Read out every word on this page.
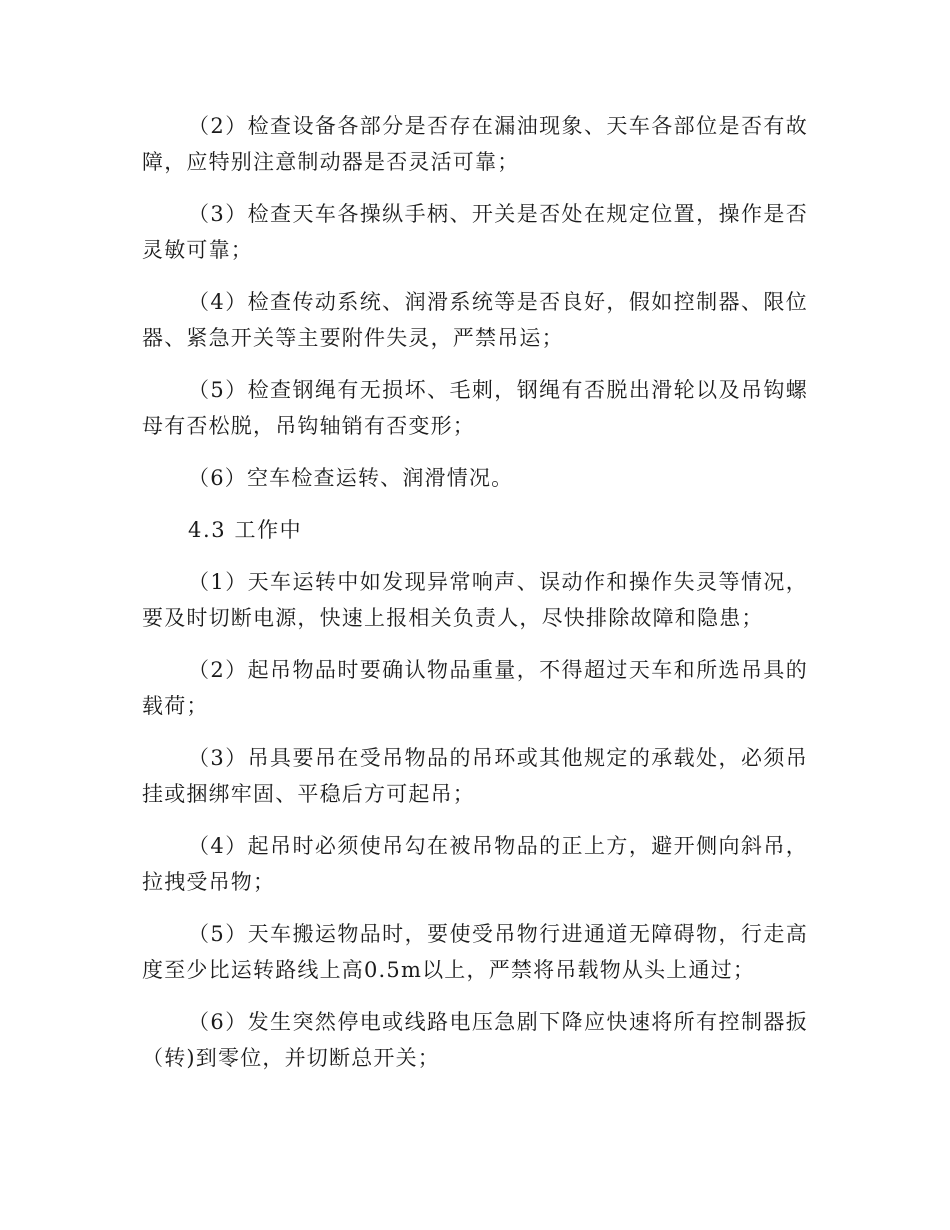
（2）检查设备各部分是否存在漏油现象、天车各部位是否有故障，应特别注意制动器是否灵活可靠；

（3）检查天车各操纵手柄、开关是否处在规定位置，操作是否灵敏可靠；

（4）检查传动系统、润滑系统等是否良好，假如控制器、限位器、紧急开关等主要附件失灵，严禁吊运；

（5）检查钢绳有无损坏、毛刺，钢绳有否脱出滑轮以及吊钩螺母有否松脱，吊钩轴销有否变形；

（6）空车检查运转、润滑情况。

4.3 工作中

（1）天车运转中如发现异常响声、误动作和操作失灵等情况，要及时切断电源，快速上报相关负责人，尽快排除故障和隐患；

（2）起吊物品时要确认物品重量，不得超过天车和所选吊具的载荷；

（3）吊具要吊在受吊物品的吊环或其他规定的承载处，必须吊挂或捆绑牢固、平稳后方可起吊；

（4）起吊时必须使吊勾在被吊物品的正上方，避开侧向斜吊，拉拽受吊物；

（5）天车搬运物品时，要使受吊物行进通道无障碍物，行走高度至少比运转路线上高0.5m以上，严禁将吊载物从头上通过；

（6）发生突然停电或线路电压急剧下降应快速将所有控制器扳（转)到零位，并切断总开关；
